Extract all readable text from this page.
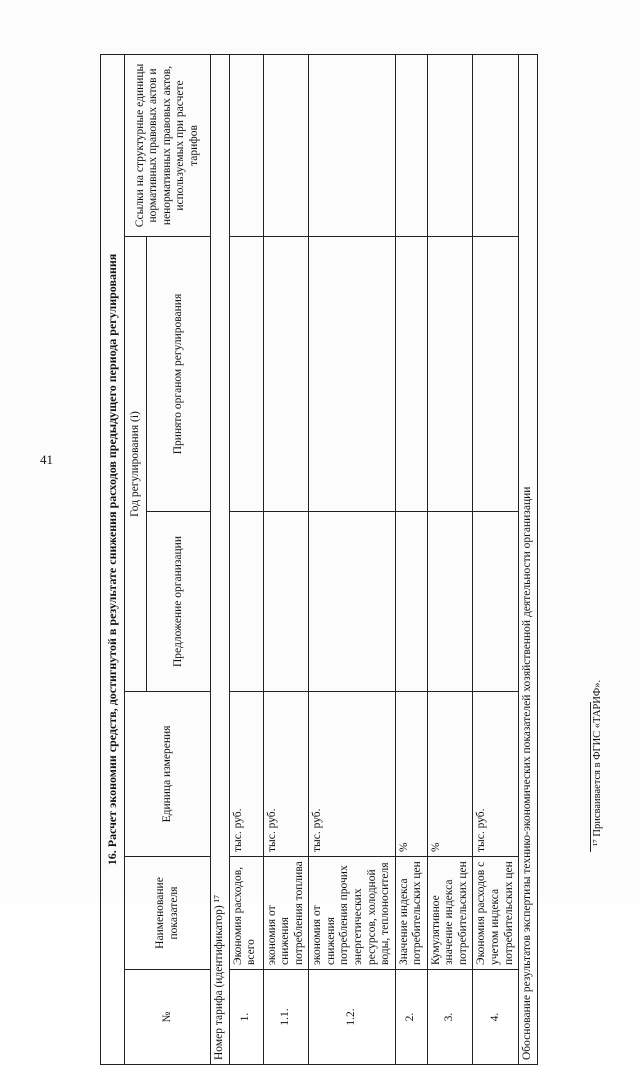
41	16. Расчет экономии средств, достигнутой в результате снижения расходов предыдущего периода регулирования					
№	Наименование показателя	Единица измерения	Год регулирования (i)		Ссылки на структурные единицы нормативных правовых актов и ненормативных правовых актов, используемых при расчете тарифов
			Предложение организации	Принято органом регулирования	
Номер тарифа (идентификатор) ¹⁷					
1.	Экономия расходов, всего	тыс. руб.			
1.1.	экономия от снижения потребления топлива	тыс. руб.			
1.2.	экономия от снижения потребления прочих энергетических ресурсов, холодной воды, теплоносителя	тыс. руб.			
2.	Значение индекса потребительских цен	%			
3.	Кумулятивное значение индекса потребительских цен	%			
4.	Экономия расходов с учетом индекса потребительских цен	тыс. руб.			
Обоснование результатов экспертизы технико-экономических показателей хозяйственной деятельности организации						¹⁷ Присваивается в ФГИС «ТАРИФ».
